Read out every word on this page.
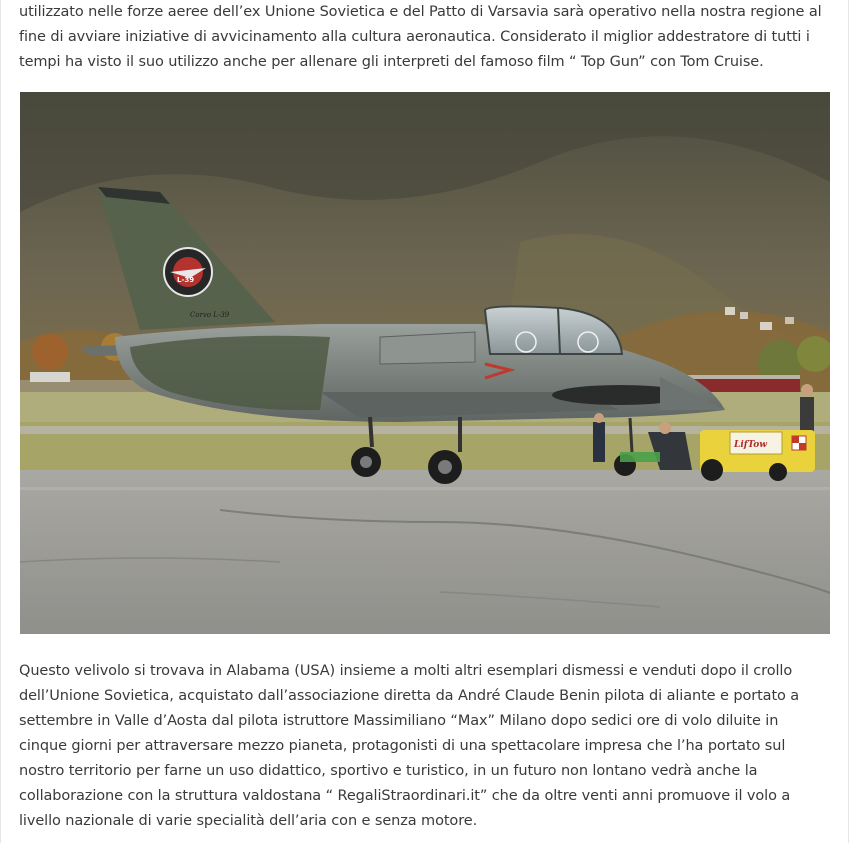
utilizzato nelle forze aeree dell’ex Unione Sovietica e del Patto di Varsavia sarà operativo nella nostra regione al
fine di avviare iniziative di avvicinamento alla cultura aeronautica. Considerato il miglior addestratore di tutti i
tempi ha visto il suo utilizzo anche per allenare gli interpreti del famoso film “ Top Gun” con Tom Cruise.

L-39
Corvo L-39
LifTow

Questo velivolo si trovava in Alabama (USA) insieme a molti altri esemplari dismessi e venduti dopo il crollo
dell’Unione Sovietica, acquistato dall’associazione diretta da André Claude Benin pilota di aliante e portato a
settembre in Valle d’Aosta dal pilota istruttore Massimiliano “Max” Milano dopo sedici ore di volo diluite in
cinque giorni per attraversare mezzo pianeta, protagonisti di una spettacolare impresa che l’ha portato sul
nostro territorio per farne un uso didattico, sportivo e turistico, in un futuro non lontano vedrà anche la
collaborazione con la struttura valdostana “ RegaliStraordinari.it” che da oltre venti anni promuove il volo a
livello nazionale di varie specialità dell’aria con e senza motore.
